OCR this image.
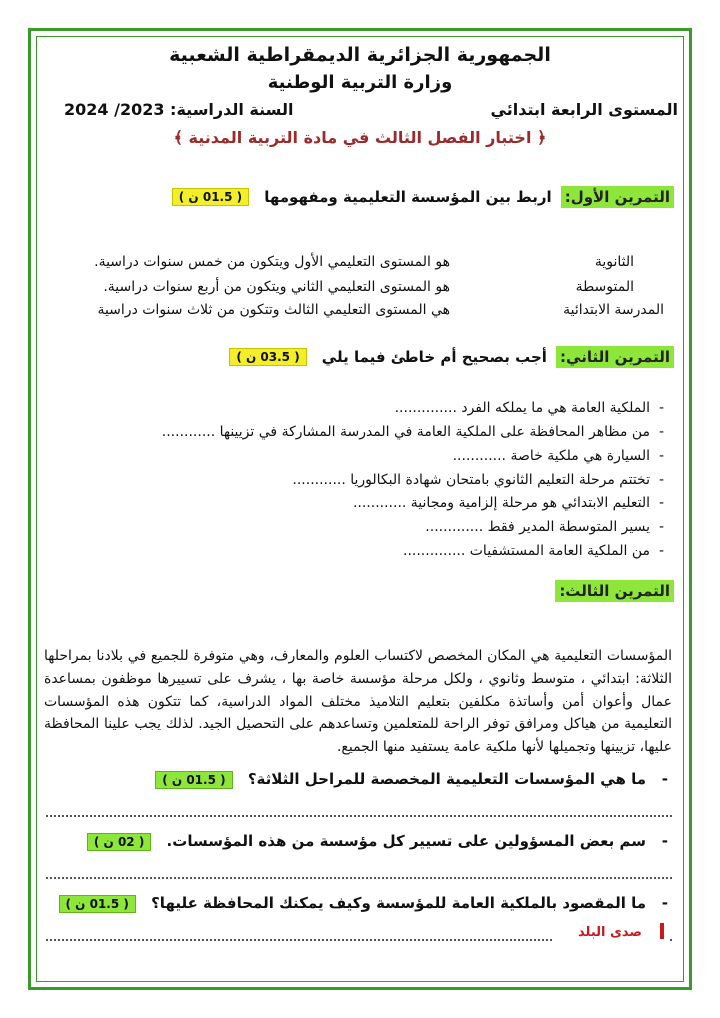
الجمهورية الجزائرية الديمقراطية الشعبية
وزارة التربية الوطنية
المستوى الرابعة ابتدائي
السنة الدراسية: 2023/ 2024
﴿ اختبار الفصل الثالث في مادة التربية المدنية ﴾
التمرين الأول: اربط بين المؤسسة التعليمية ومفهومها ( 01.5 ن )
الثانوية
المتوسطة
المدرسة الابتدائية
هو المستوى التعليمي الأول ويتكون من خمس سنوات دراسية.
هو المستوى التعليمي الثاني ويتكون من أربع سنوات دراسية.
هي المستوى التعليمي الثالث وتتكون من ثلاث سنوات دراسية
التمرين الثاني: أجب بصحيح أم خاطئ فيما يلي ( 03.5 ن )
-
الملكية العامة هي ما يملكه الفرد ..............
-
من مظاهر المحافظة على الملكية العامة في المدرسة المشاركة في تزيينها ............
-
السيارة هي ملكية خاصة ............
-
تختتم مرحلة التعليم الثانوي بامتحان شهادة البكالوريا ............
-
التعليم الابتدائي هو مرحلة إلزامية ومجانية ............
-
يسير المتوسطة المدير فقط .............
-
من الملكية العامة المستشفيات ..............
التمرين الثالث:
المؤسسات التعليمية هي المكان المخصص لاكتساب العلوم والمعارف، وهي متوفرة للجميع في بلادنا بمراحلها الثلاثة: ابتدائي ، متوسط وثانوي ، ولكل مرحلة مؤسسة خاصة بها ، يشرف على تسييرها موظفون بمساعدة عمال وأعوان أمن وأساتذة مكلفين بتعليم التلاميذ مختلف المواد الدراسية، كما تتكون هذه المؤسسات التعليمية من هياكل ومرافق توفر الراحة للمتعلمين وتساعدهم على التحصيل الجيد. لذلك يجب علينا المحافظة عليها، تزيينها وتجميلها لأنها ملكية عامة يستفيد منها الجميع.
-
ما هي المؤسسات التعليمية المخصصة للمراحل الثلاثة؟ ( 01.5 ن )
-
سم بعض المسؤولين على تسيير كل مؤسسة من هذه المؤسسات. ( 02 ن )
-
ما المقصود بالملكية العامة للمؤسسة وكيف يمكنك المحافظة عليها؟ ( 01.5 ن )
صدى البلد
